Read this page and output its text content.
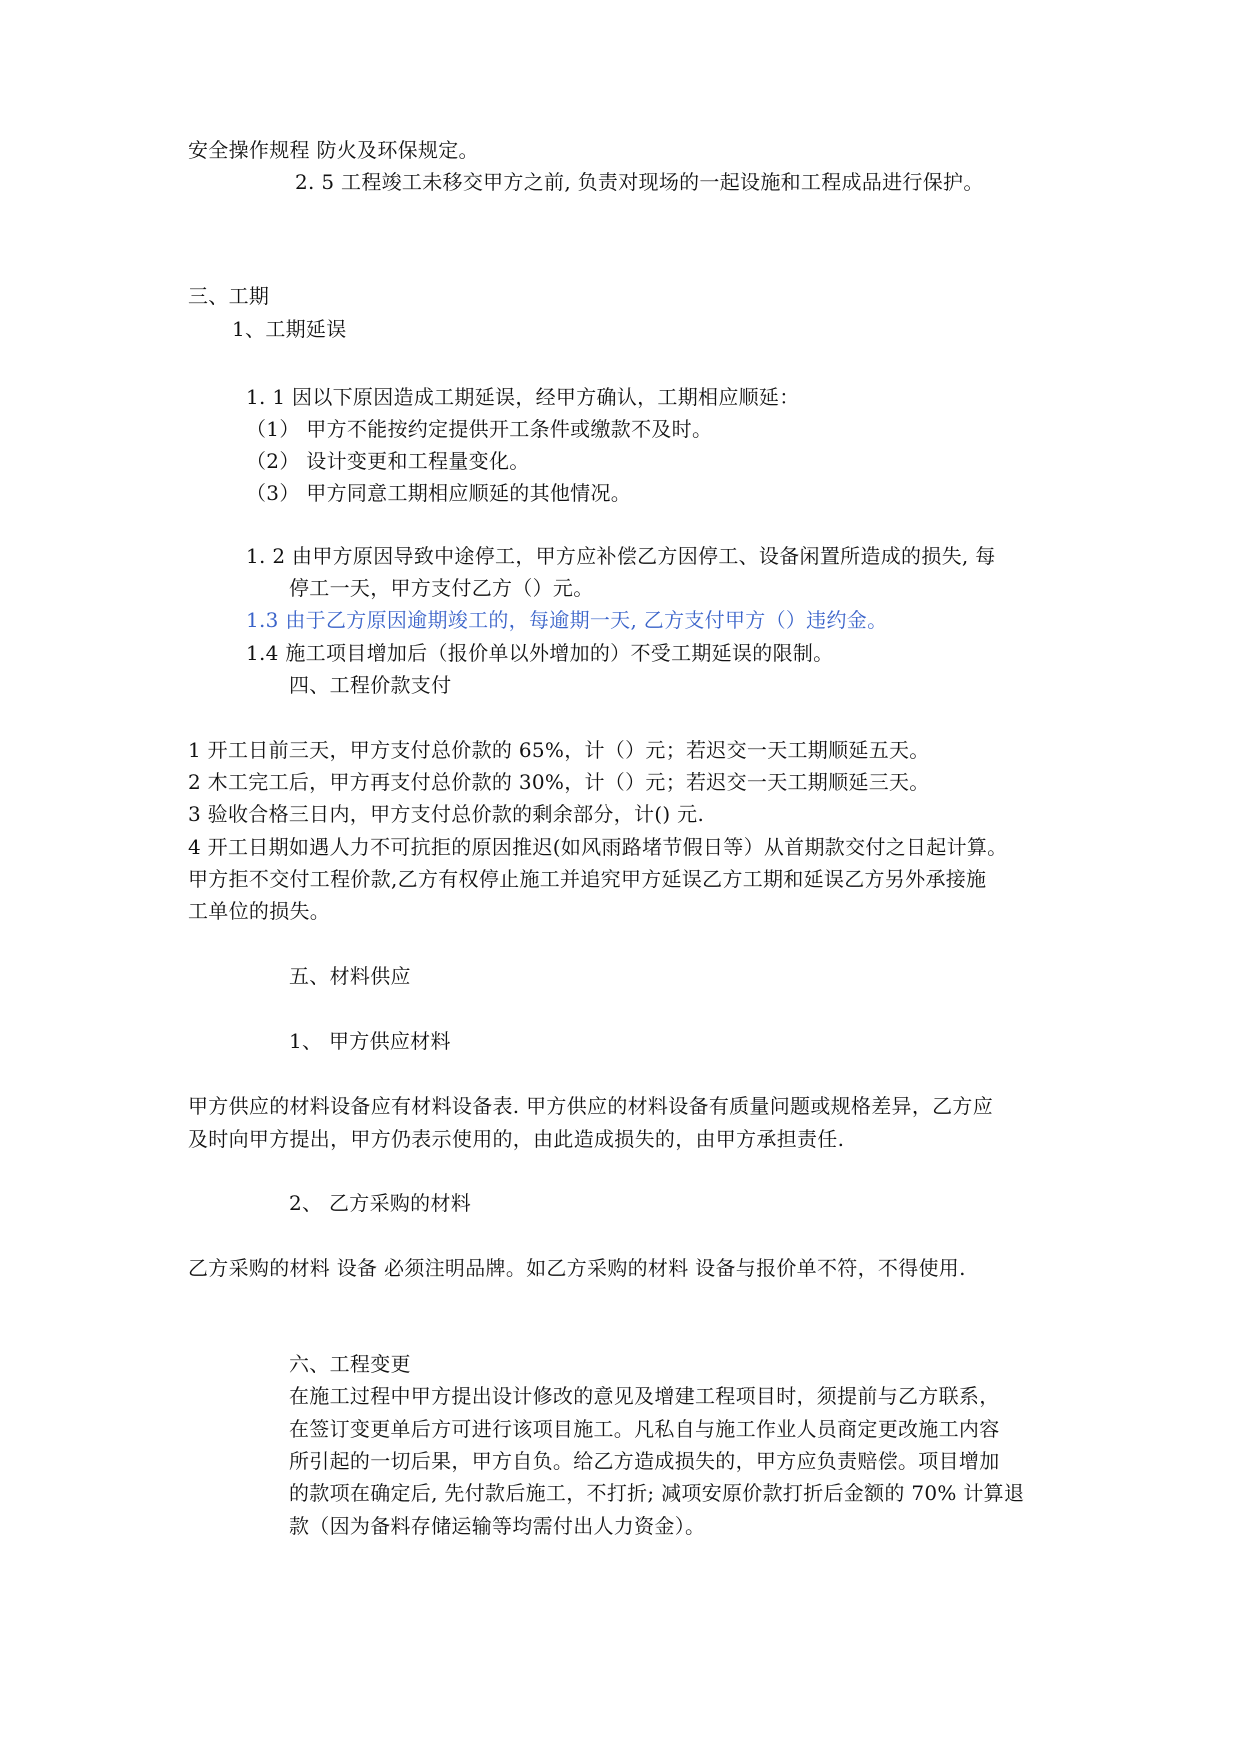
安全操作规程 防火及环保规定。
2. 5 工程竣工未移交甲方之前, 负责对现场的一起设施和工程成品进行保护。
三、工期
1、工期延误
1. 1 因以下原因造成工期延误，经甲方确认，工期相应顺延：
（1） 甲方不能按约定提供开工条件或缴款不及时。
（2） 设计变更和工程量变化。
（3） 甲方同意工期相应顺延的其他情况。
1. 2 由甲方原因导致中途停工，甲方应补偿乙方因停工、设备闲置所造成的损失, 每
停工一天，甲方支付乙方（）元。
1.3 由于乙方原因逾期竣工的，每逾期一天, 乙方支付甲方（）违约金。
1.4 施工项目增加后（报价单以外增加的）不受工期延误的限制。
四、工程价款支付
1 开工日前三天，甲方支付总价款的 65%，计（）元；若迟交一天工期顺延五天。
2 木工完工后，甲方再支付总价款的 30%，计（）元；若迟交一天工期顺延三天。
3 验收合格三日内，甲方支付总价款的剩余部分，计() 元.
4 开工日期如遇人力不可抗拒的原因推迟(如风雨路堵节假日等）从首期款交付之日起计算。
甲方拒不交付工程价款,乙方有权停止施工并追究甲方延误乙方工期和延误乙方另外承接施
工单位的损失。
五、材料供应
1、 甲方供应材料
甲方供应的材料设备应有材料设备表. 甲方供应的材料设备有质量问题或规格差异，乙方应
及时向甲方提出，甲方仍表示使用的，由此造成损失的，由甲方承担责任.
2、 乙方采购的材料
乙方采购的材料 设备 必须注明品牌。如乙方采购的材料 设备与报价单不符，不得使用.
六、工程变更
在施工过程中甲方提出设计修改的意见及增建工程项目时，须提前与乙方联系，
在签订变更单后方可进行该项目施工。凡私自与施工作业人员商定更改施工内容
所引起的一切后果，甲方自负。给乙方造成损失的，甲方应负责赔偿。项目增加
的款项在确定后, 先付款后施工，不打折; 减项安原价款打折后金额的 70% 计算退
款（因为备料存储运输等均需付出人力资金）。
